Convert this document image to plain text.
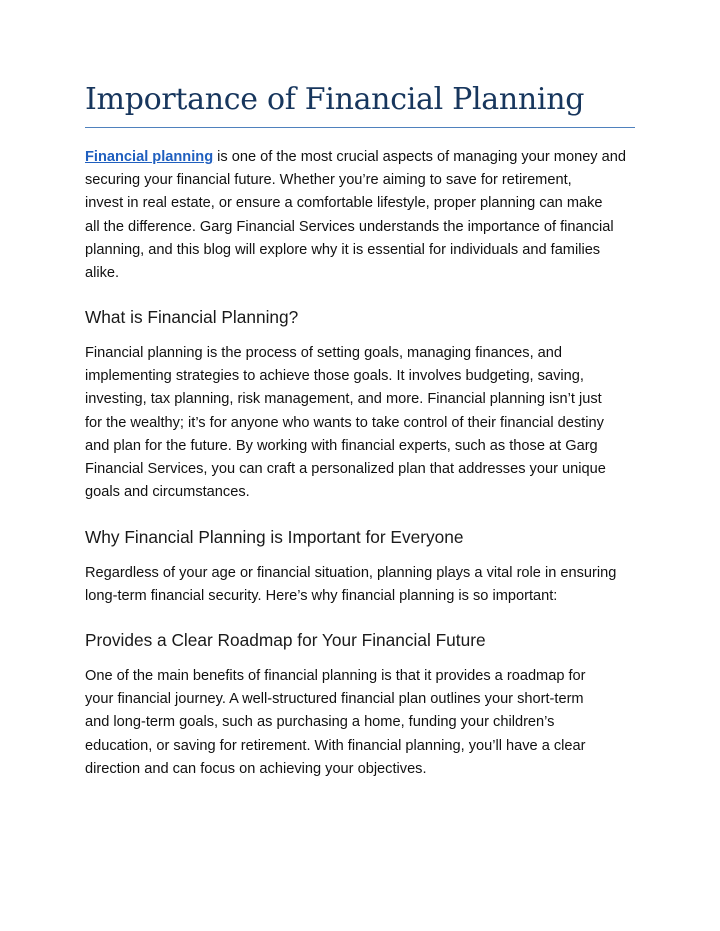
Importance of Financial Planning

Financial planning is one of the most crucial aspects of managing your money and
securing your financial future. Whether you’re aiming to save for retirement,
invest in real estate, or ensure a comfortable lifestyle, proper planning can make
all the difference. Garg Financial Services understands the importance of financial
planning, and this blog will explore why it is essential for individuals and families
alike.

What is Financial Planning?

Financial planning is the process of setting goals, managing finances, and
implementing strategies to achieve those goals. It involves budgeting, saving,
investing, tax planning, risk management, and more. Financial planning isn’t just
for the wealthy; it’s for anyone who wants to take control of their financial destiny
and plan for the future. By working with financial experts, such as those at Garg
Financial Services, you can craft a personalized plan that addresses your unique
goals and circumstances.

Why Financial Planning is Important for Everyone

Regardless of your age or financial situation, planning plays a vital role in ensuring
long-term financial security. Here’s why financial planning is so important:

Provides a Clear Roadmap for Your Financial Future

One of the main benefits of financial planning is that it provides a roadmap for
your financial journey. A well-structured financial plan outlines your short-term
and long-term goals, such as purchasing a home, funding your children’s
education, or saving for retirement. With financial planning, you’ll have a clear
direction and can focus on achieving your objectives.
